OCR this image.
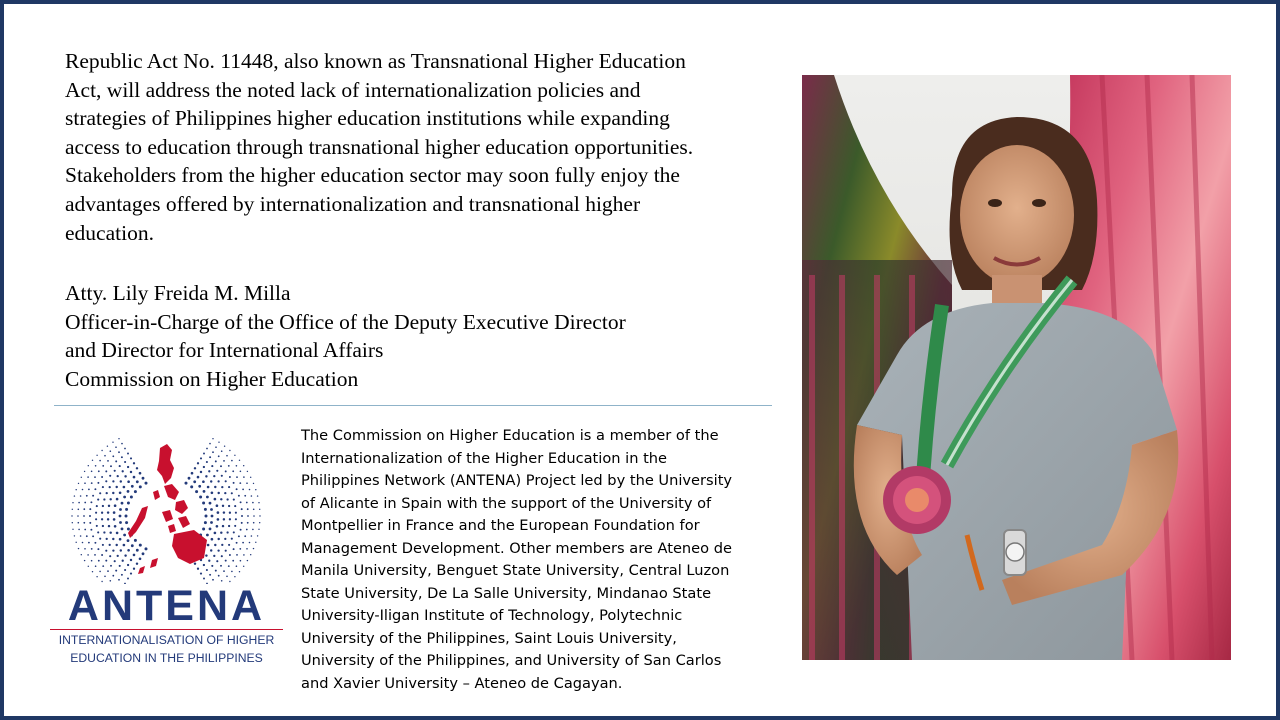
Republic Act No. 11448, also known as Transnational Higher Education
Act, will address the noted lack of internationalization policies and
strategies of Philippines higher education institutions while expanding
access to education through transnational higher education opportunities.
Stakeholders from the higher education sector may soon fully enjoy the
advantages offered by internationalization and transnational higher
education.
Atty. Lily Freida M. Milla
Officer-in-Charge of the Office of the Deputy Executive Director
and Director for International Affairs
Commission on Higher Education
ANTENA
INTERNATIONALISATION OF HIGHER
EDUCATION IN THE PHILIPPINES
The Commission on Higher Education is a member of the
Internationalization of the Higher Education in the
Philippines Network (ANTENA) Project led by the University
of Alicante in Spain with the support of the University of
Montpellier in France and the European Foundation for
Management Development. Other members are Ateneo de
Manila University, Benguet State University, Central Luzon
State University, De La Salle University, Mindanao State
University-Iligan Institute of Technology, Polytechnic
University of the Philippines, Saint Louis University,
University of the Philippines, and University of San Carlos
and Xavier University – Ateneo de Cagayan.
